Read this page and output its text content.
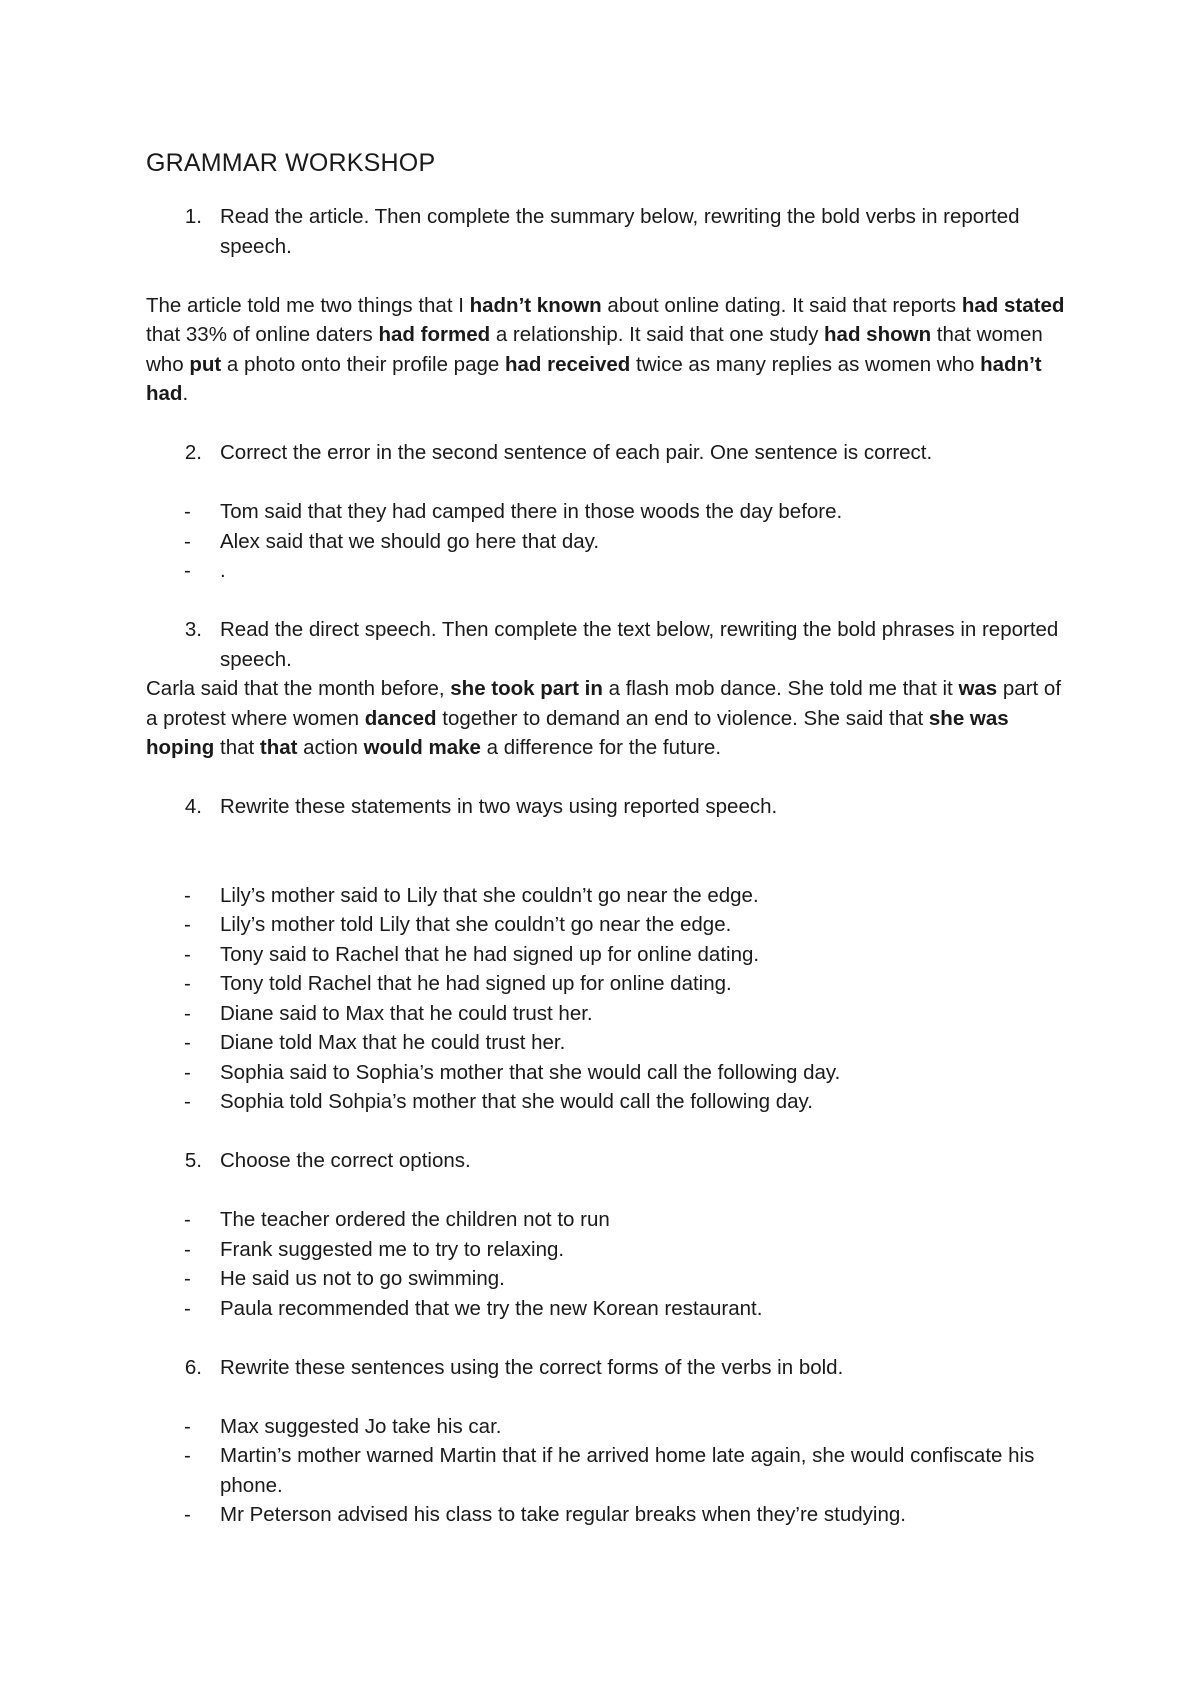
GRAMMAR WORKSHOP
1. Read the article. Then complete the summary below, rewriting the bold verbs in reported speech.

The article told me two things that I hadn’t known about online dating. It said that reports had stated that 33% of online daters had formed a relationship. It said that one study had shown that women who put a photo onto their profile page had received twice as many replies as women who hadn’t had.

2. Correct the error in the second sentence of each pair. One sentence is correct.
-	Tom said that they had camped there in those woods the day before.
-	Alex said that we should go here that day.
-	.
3. Read the direct speech. Then complete the text below, rewriting the bold phrases in reported speech.

Carla said that the month before, she took part in a flash mob dance. She told me that it was part of a protest where women danced together to demand an end to violence. She said that she was hoping that that action would make a difference for the future.

4. Rewrite these statements in two ways using reported speech.
-	Lily’s mother said to Lily that she couldn’t go near the edge.
-	Lily’s mother told Lily that she couldn’t go near the edge.
-	Tony said to Rachel that he had signed up for online dating.
-	Tony told Rachel that he had signed up for online dating.
-	Diane said to Max that he could trust her.
-	Diane told Max that he could trust her.
-	Sophia said to Sophia’s mother that she would call the following day.
-	Sophia told Sohpia’s mother that she would call the following day.
5. Choose the correct options.
-	The teacher ordered the children not to run
-	Frank suggested me to try to relaxing.
-	He said us not to go swimming.
-	Paula recommended that we try the new Korean restaurant.
6. Rewrite these sentences using the correct forms of the verbs in bold.
-	Max suggested Jo take his car.
-	Martin’s mother warned Martin that if he arrived home late again, she would confiscate his phone.
-	Mr Peterson advised his class to take regular breaks when they’re studying.
